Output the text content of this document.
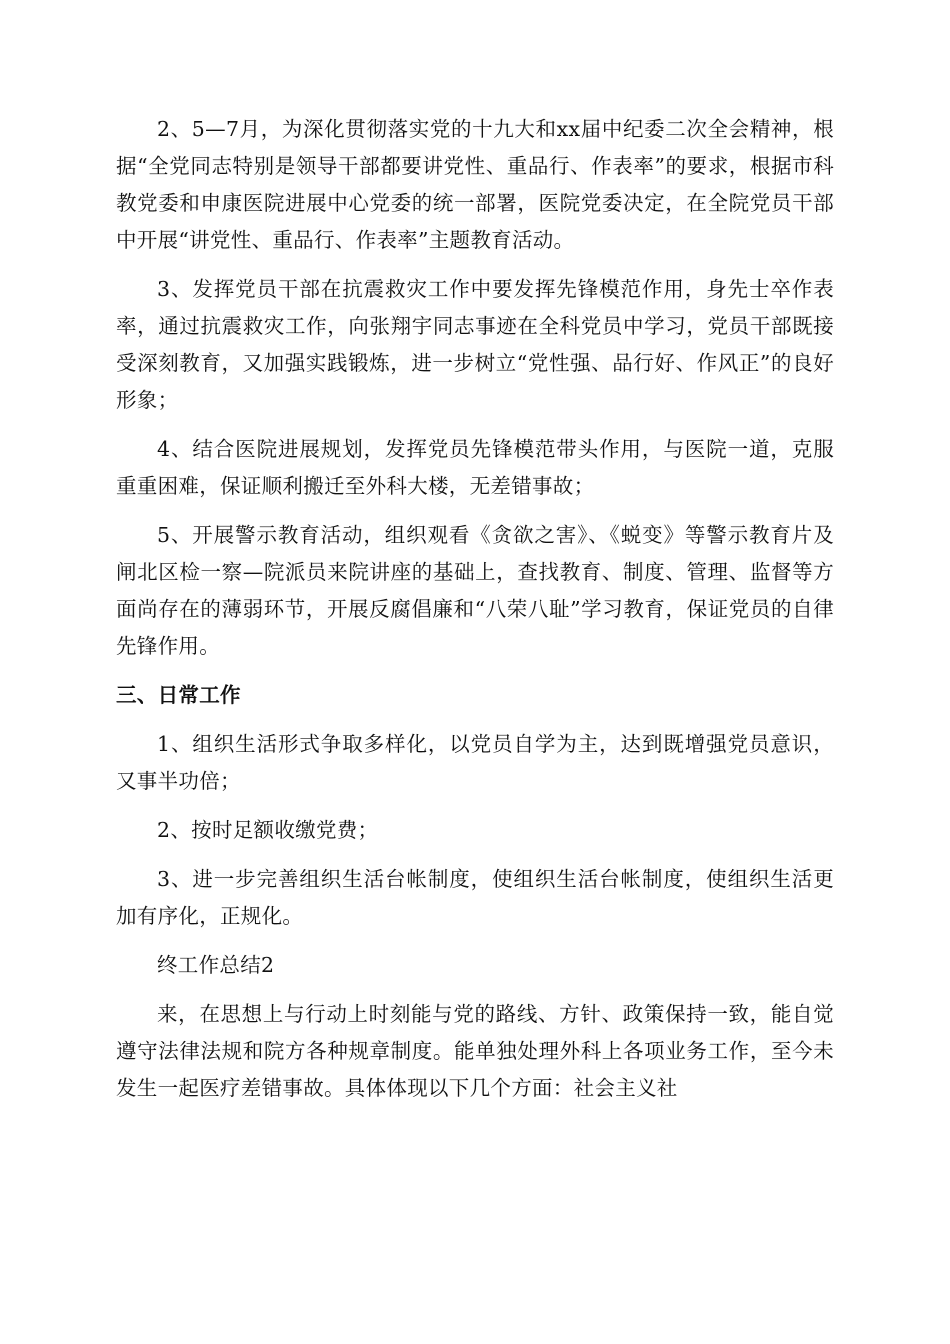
2、5—7月，为深化贯彻落实党的十九大和xx届中纪委二次全会精神，根据“全党同志特别是领导干部都要讲党性、重品行、作表率”的要求，根据市科教党委和申康医院进展中心党委的统一部署，医院党委决定，在全院党员干部中开展“讲党性、重品行、作表率”主题教育活动。

3、发挥党员干部在抗震救灾工作中要发挥先锋模范作用，身先士卒作表率，通过抗震救灾工作，向张翔宇同志事迹在全科党员中学习，党员干部既接受深刻教育，又加强实践锻炼，进一步树立“党性强、品行好、作风正”的良好形象；

4、结合医院进展规划，发挥党员先锋模范带头作用，与医院一道，克服重重困难，保证顺利搬迁至外科大楼，无差错事故；

5、开展警示教育活动，组织观看《贪欲之害》、《蜕变》等警示教育片及闸北区检一察—院派员来院讲座的基础上，查找教育、制度、管理、监督等方面尚存在的薄弱环节，开展反腐倡廉和“八荣八耻”学习教育，保证党员的自律先锋作用。

三、日常工作

1、组织生活形式争取多样化，以党员自学为主，达到既增强党员意识，又事半功倍；

2、按时足额收缴党费；

3、进一步完善组织生活台帐制度，使组织生活台帐制度，使组织生活更加有序化，正规化。

终工作总结2

来，在思想上与行动上时刻能与党的路线、方针、政策保持一致，能自觉遵守法律法规和院方各种规章制度。能单独处理外科上各项业务工作，至今未发生一起医疗差错事故。具体体现以下几个方面：社会主义社
